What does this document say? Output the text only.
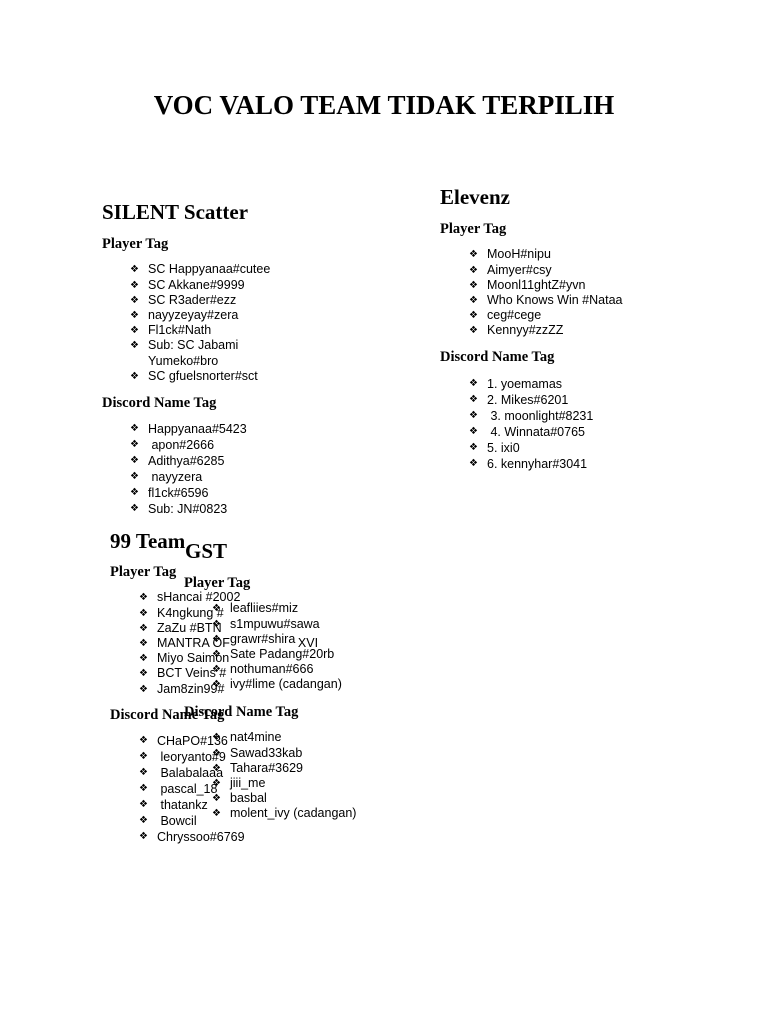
VOC VALO TEAM TIDAK TERPILIH
SILENT Scatter
Player Tag
❖
SC Happyanaa#cutee
❖
SC Akkane#9999
❖
SC R3ader#ezz
❖
nayyzeyay#zera
❖
Fl1ck#Nath
❖
Sub: SC Jabami Yumeko#bro
❖
SC gfuelsnorter#sct
Discord Name Tag
❖
Happyanaa#5423
❖
apon#2666
❖
Adithya#6285
❖
nayyzera
❖
fl1ck#6596
❖
Sub: JN#0823
Elevenz
Player Tag
❖
MooH#nipu
❖
Aimyer#csy
❖
Moonl11ghtZ#yvn
❖
Who Knows Win #Nataa
❖
ceg#cege
❖
Kennyy#zzZZ
Discord Name Tag
❖
1. yoemamas
❖
2. Mikes#6201
❖
3. moonlight#8231
❖
4. Winnata#0765
❖
5. ixi0
❖
6. kennyhar#3041
99 Team
Player Tag
❖
sHancai #2002
❖
K4ngkung #
❖
ZaZu #BTN
❖
MANTRA OF	XVI
❖
Miyo Saimon
❖
BCT Veins #
❖
Jam8zin99#
Discord Name Tag
❖
CHaPO#136
❖
leoryanto#9
❖
Balabalaaa
❖
pascal_18
❖
thatankz
❖
Bowcil
❖
Chryssoo#6769
GST
Player Tag
❖
leafliies#miz
❖
s1mpuwu#sawa
❖
grawr#shira
❖
Sate Padang#20rb
❖
nothuman#666
❖
ivy#lime (cadangan)
Discord Name Tag
❖
nat4mine
❖
Sawad33kab
❖
Tahara#3629
❖
jiii_me
❖
basbal
❖
molent_ivy (cadangan)
